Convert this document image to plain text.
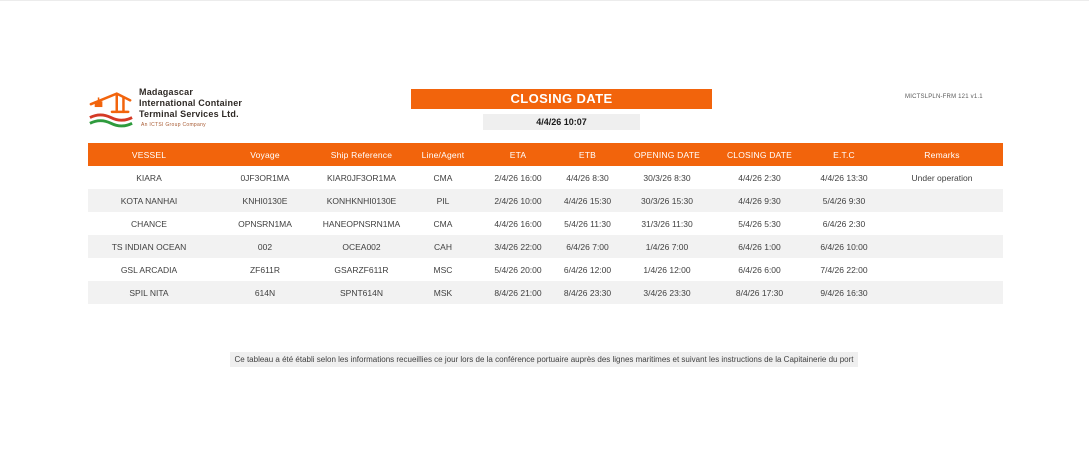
Madagascar
International Container
Terminal Services Ltd.
An ICTSI Group Company
CLOSING DATE
4/4/26 10:07
MICTSLPLN-FRM 121 v1.1
VESSEL	Voyage	Ship Reference	Line/Agent	ETA	ETB	OPENING DATE	CLOSING DATE	E.T.C	Remarks
KIARA	0JF3OR1MA	KIAR0JF3OR1MA	CMA	2/4/26 16:00	4/4/26 8:30	30/3/26 8:30	4/4/26 2:30	4/4/26 13:30	Under operation
KOTA NANHAI	KNHI0130E	KONHKNHI0130E	PIL	2/4/26 10:00	4/4/26 15:30	30/3/26 15:30	4/4/26 9:30	5/4/26 9:30	
CHANCE	OPNSRN1MA	HANEOPNSRN1MA	CMA	4/4/26 16:00	5/4/26 11:30	31/3/26 11:30	5/4/26 5:30	6/4/26 2:30	
TS INDIAN OCEAN	002	OCEA002	CAH	3/4/26 22:00	6/4/26 7:00	1/4/26 7:00	6/4/26 1:00	6/4/26 10:00	
GSL ARCADIA	ZF611R	GSARZF611R	MSC	5/4/26 20:00	6/4/26 12:00	1/4/26 12:00	6/4/26 6:00	7/4/26 22:00	
SPIL NITA	614N	SPNT614N	MSK	8/4/26 21:00	8/4/26 23:30	3/4/26 23:30	8/4/26 17:30	9/4/26 16:30	
Ce tableau a été établi selon les informations recueillies ce jour lors de la conférence portuaire auprès des lignes maritimes et suivant les instructions de la Capitainerie du port
